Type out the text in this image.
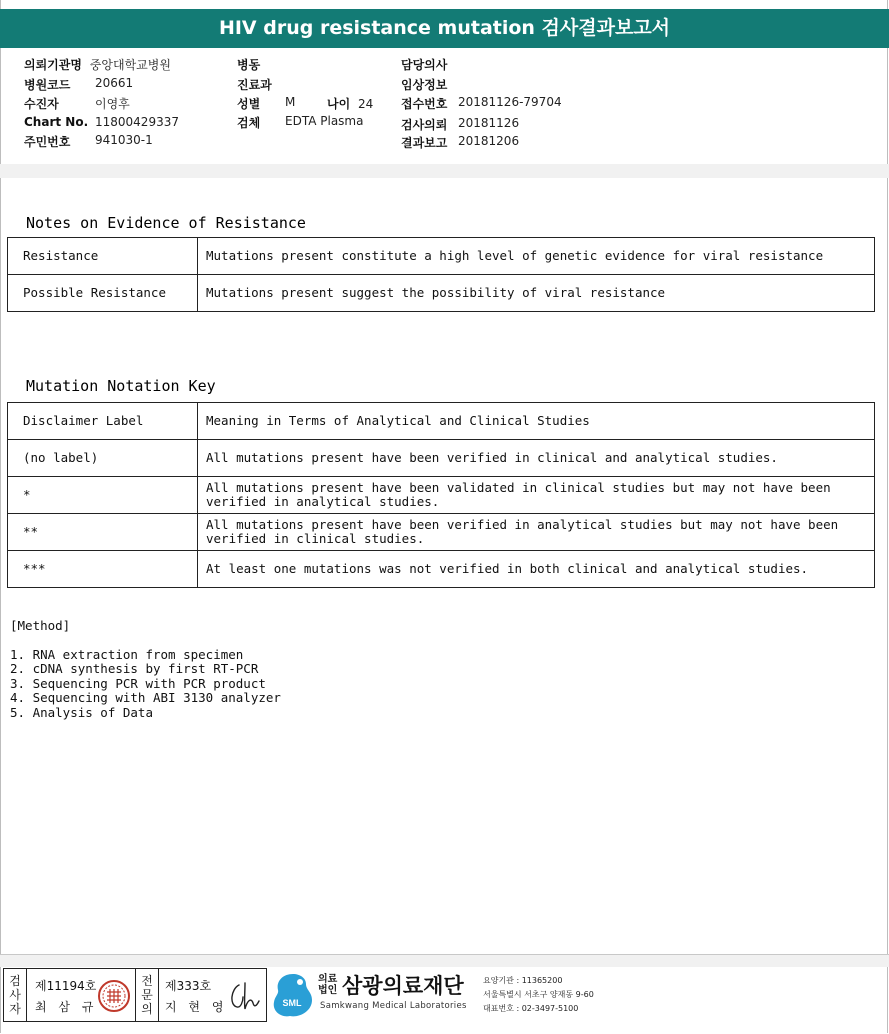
HIV drug resistance mutation 검사결과보고서
의뢰기관명 중앙대학교병원
병원코드 20661
수진자	이영후
Chart No. 11800429337
주민번호 941030-1
병동
진료과
성별 M	나이 24
검체 EDTA Plasma
담당의사
임상정보
접수번호 20181126-79704
검사의뢰 20181126
결과보고 20181206
Notes on Evidence of Resistance
Resistance	Mutations present constitute a high level of genetic evidence for viral resistance
Possible Resistance	Mutations present suggest the possibility of viral resistance
Mutation Notation Key
Disclaimer Label	Meaning in Terms of Analytical and Clinical Studies
(no label)	All mutations present have been verified in clinical and analytical studies.
*	All mutations present have been validated in clinical studies but may not have been verified in analytical studies.
**	All mutations present have been verified in analytical studies but may not have been verified in clinical studies.
***	At least one mutations was not verified in both clinical and analytical studies.
[Method]
1. RNA extraction from specimen
2. cDNA synthesis by first RT-PCR
3. Sequencing PCR with PCR product
4. Sequencing with ABI 3130 analyzer
5. Analysis of Data
검
사
자
제11194호
최 삼 규
전
문
의
제333호
지 현 영	SML
의료
법인 삼광의료재단
Samkwang Medical Laboratories
요양기관 : 11365200
서울특별시 서초구 양재동 9-60
대표번호 : 02-3497-5100
